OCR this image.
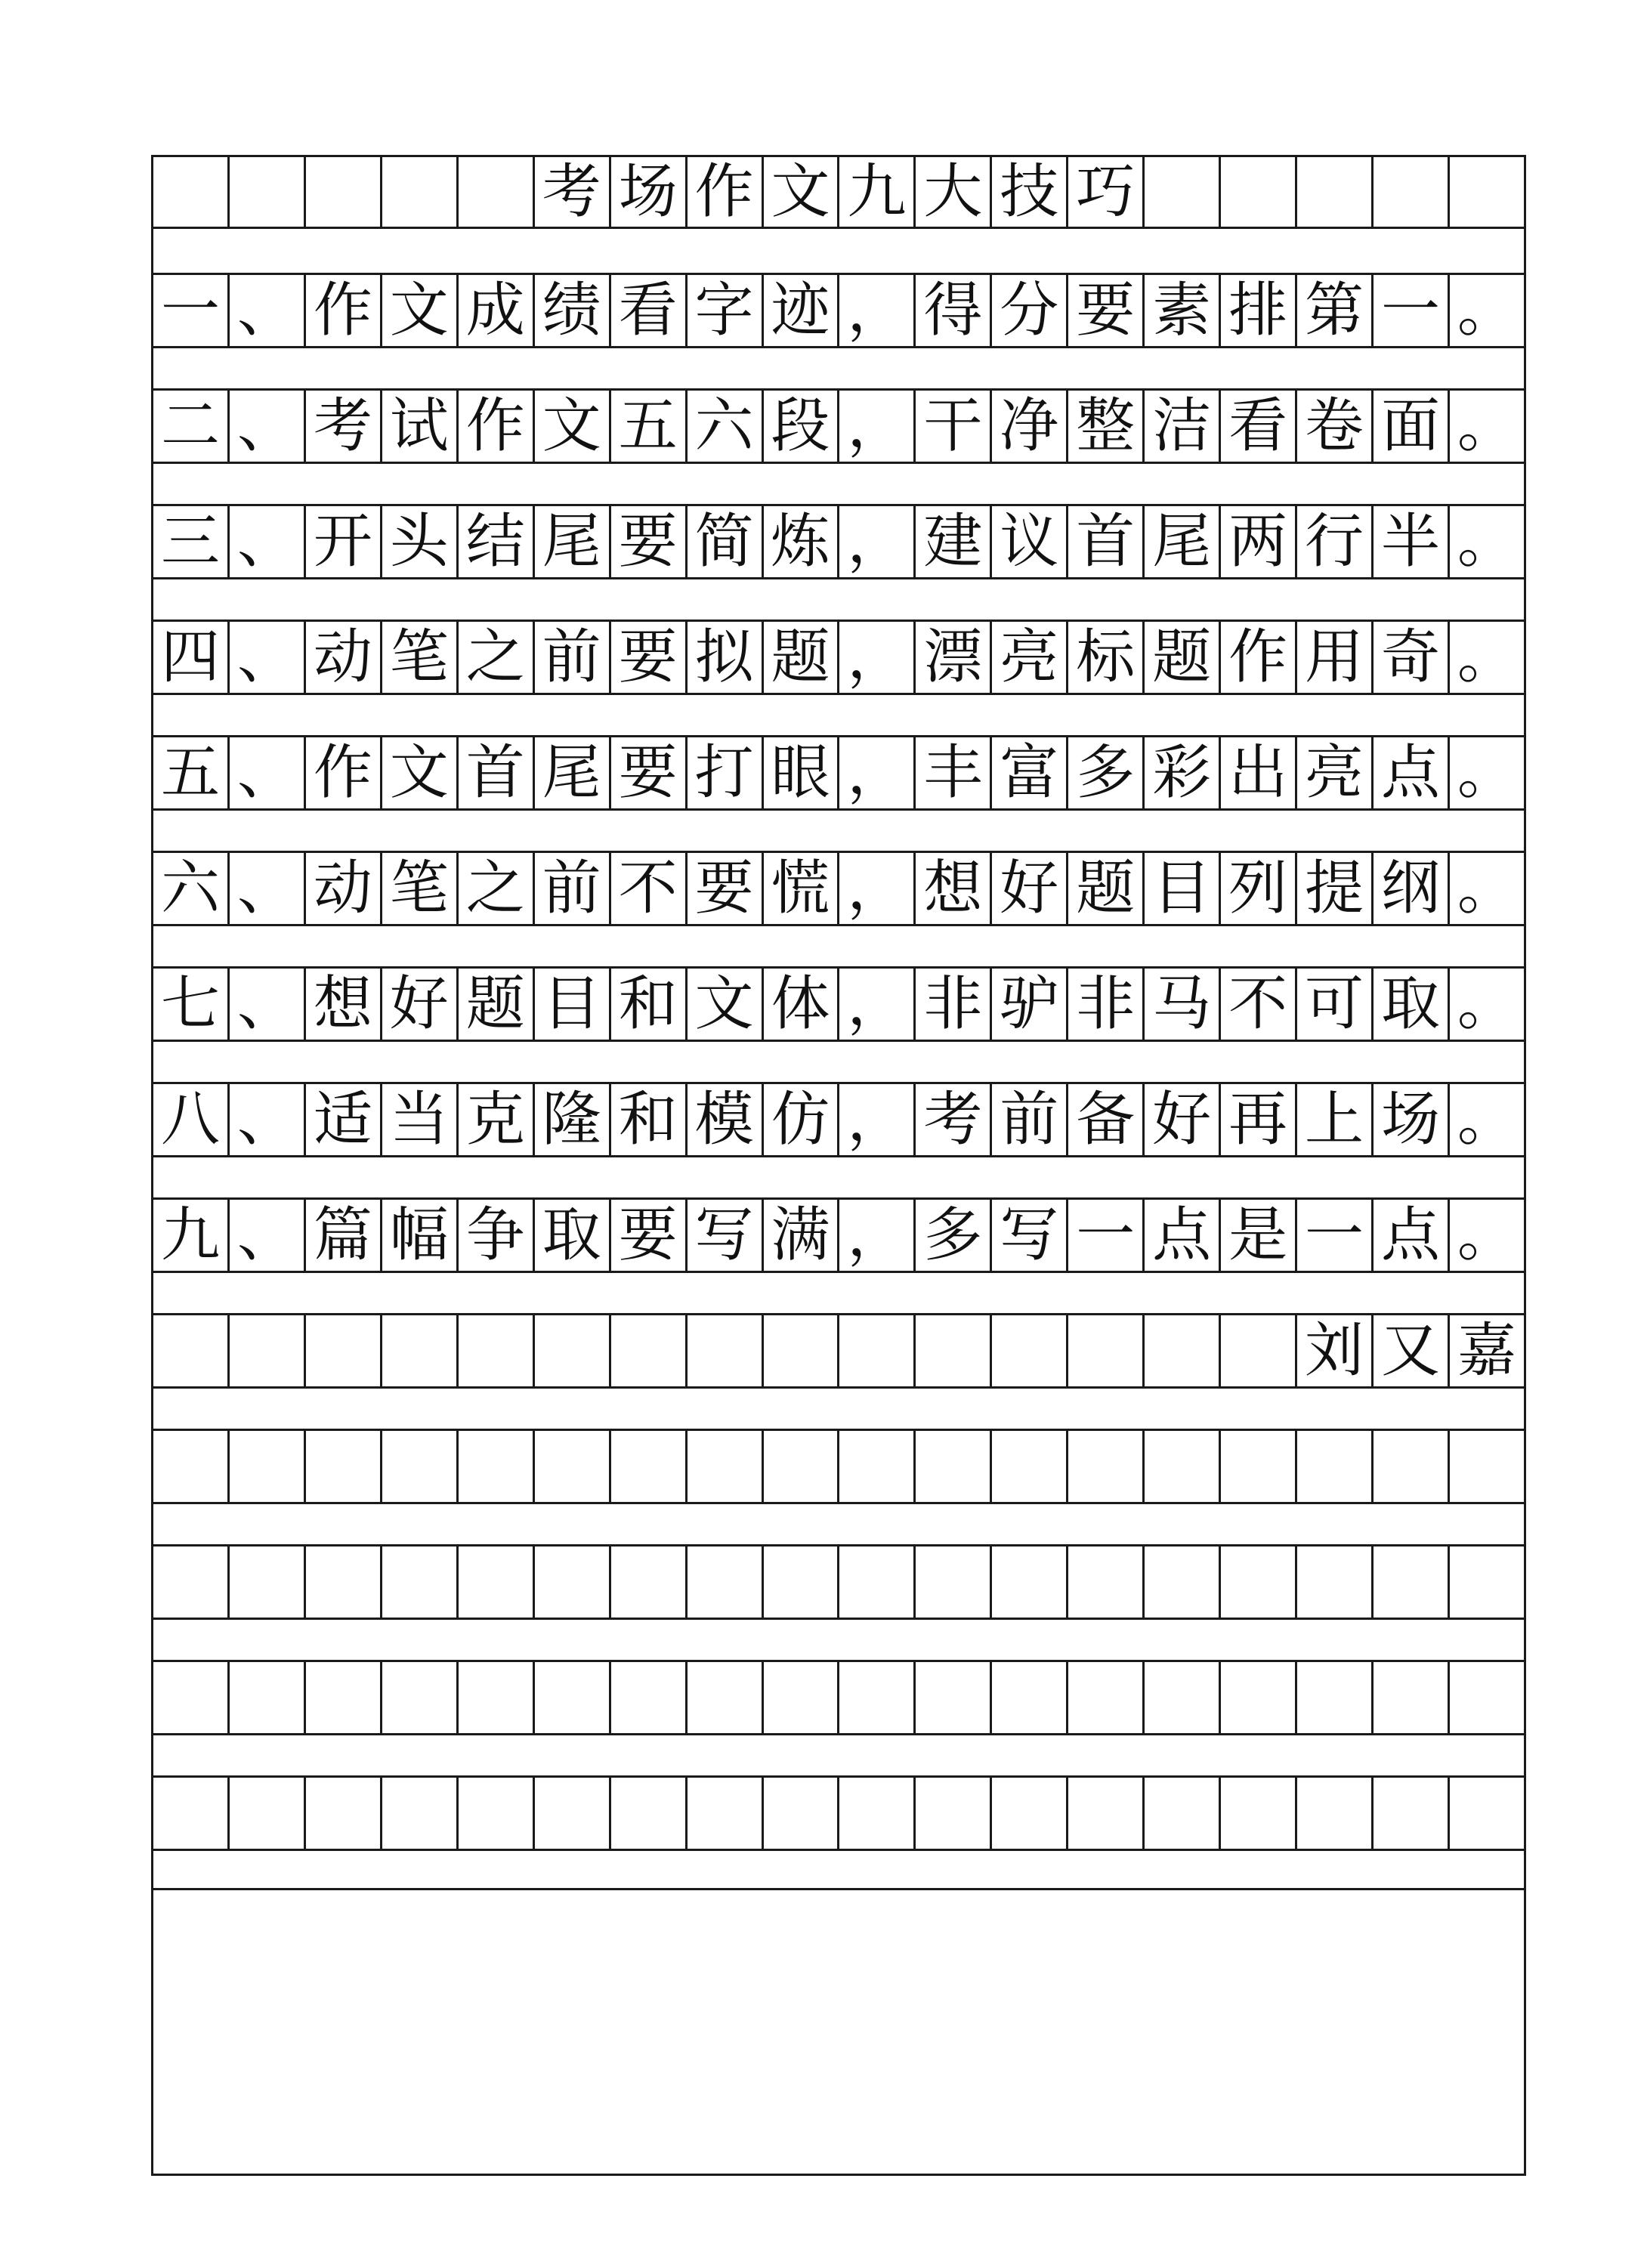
考 场 作 文 九 大 技 巧
一 、 作 文 成 绩 看 字 迹 ， 得 分 要 素 排 第 一 。
二 、 考 试 作 文 五 六 段 ， 干 净 整 洁 看 卷 面 。
三 、 开 头 结 尾 要 简 炼 ， 建 议 首 尾 两 行 半 。
四 、 动 笔 之 前 要 拟 题 ， 漂 亮 标 题 作 用 奇 。
五 、 作 文 首 尾 要 打 眼 ， 丰 富 多 彩 出 亮 点 。
六 、 动 笔 之 前 不 要 慌 ， 想 好 题 目 列 提 纲 。
七 、 想 好 题 目 和 文 体 ， 非 驴 非 马 不 可 取 。
八 、 适 当 克 隆 和 模 仿 ， 考 前 备 好 再 上 场 。
九 、 篇 幅 争 取 要 写 满 ， 多 写 一 点 是 一 点 。
刘 又 嘉
